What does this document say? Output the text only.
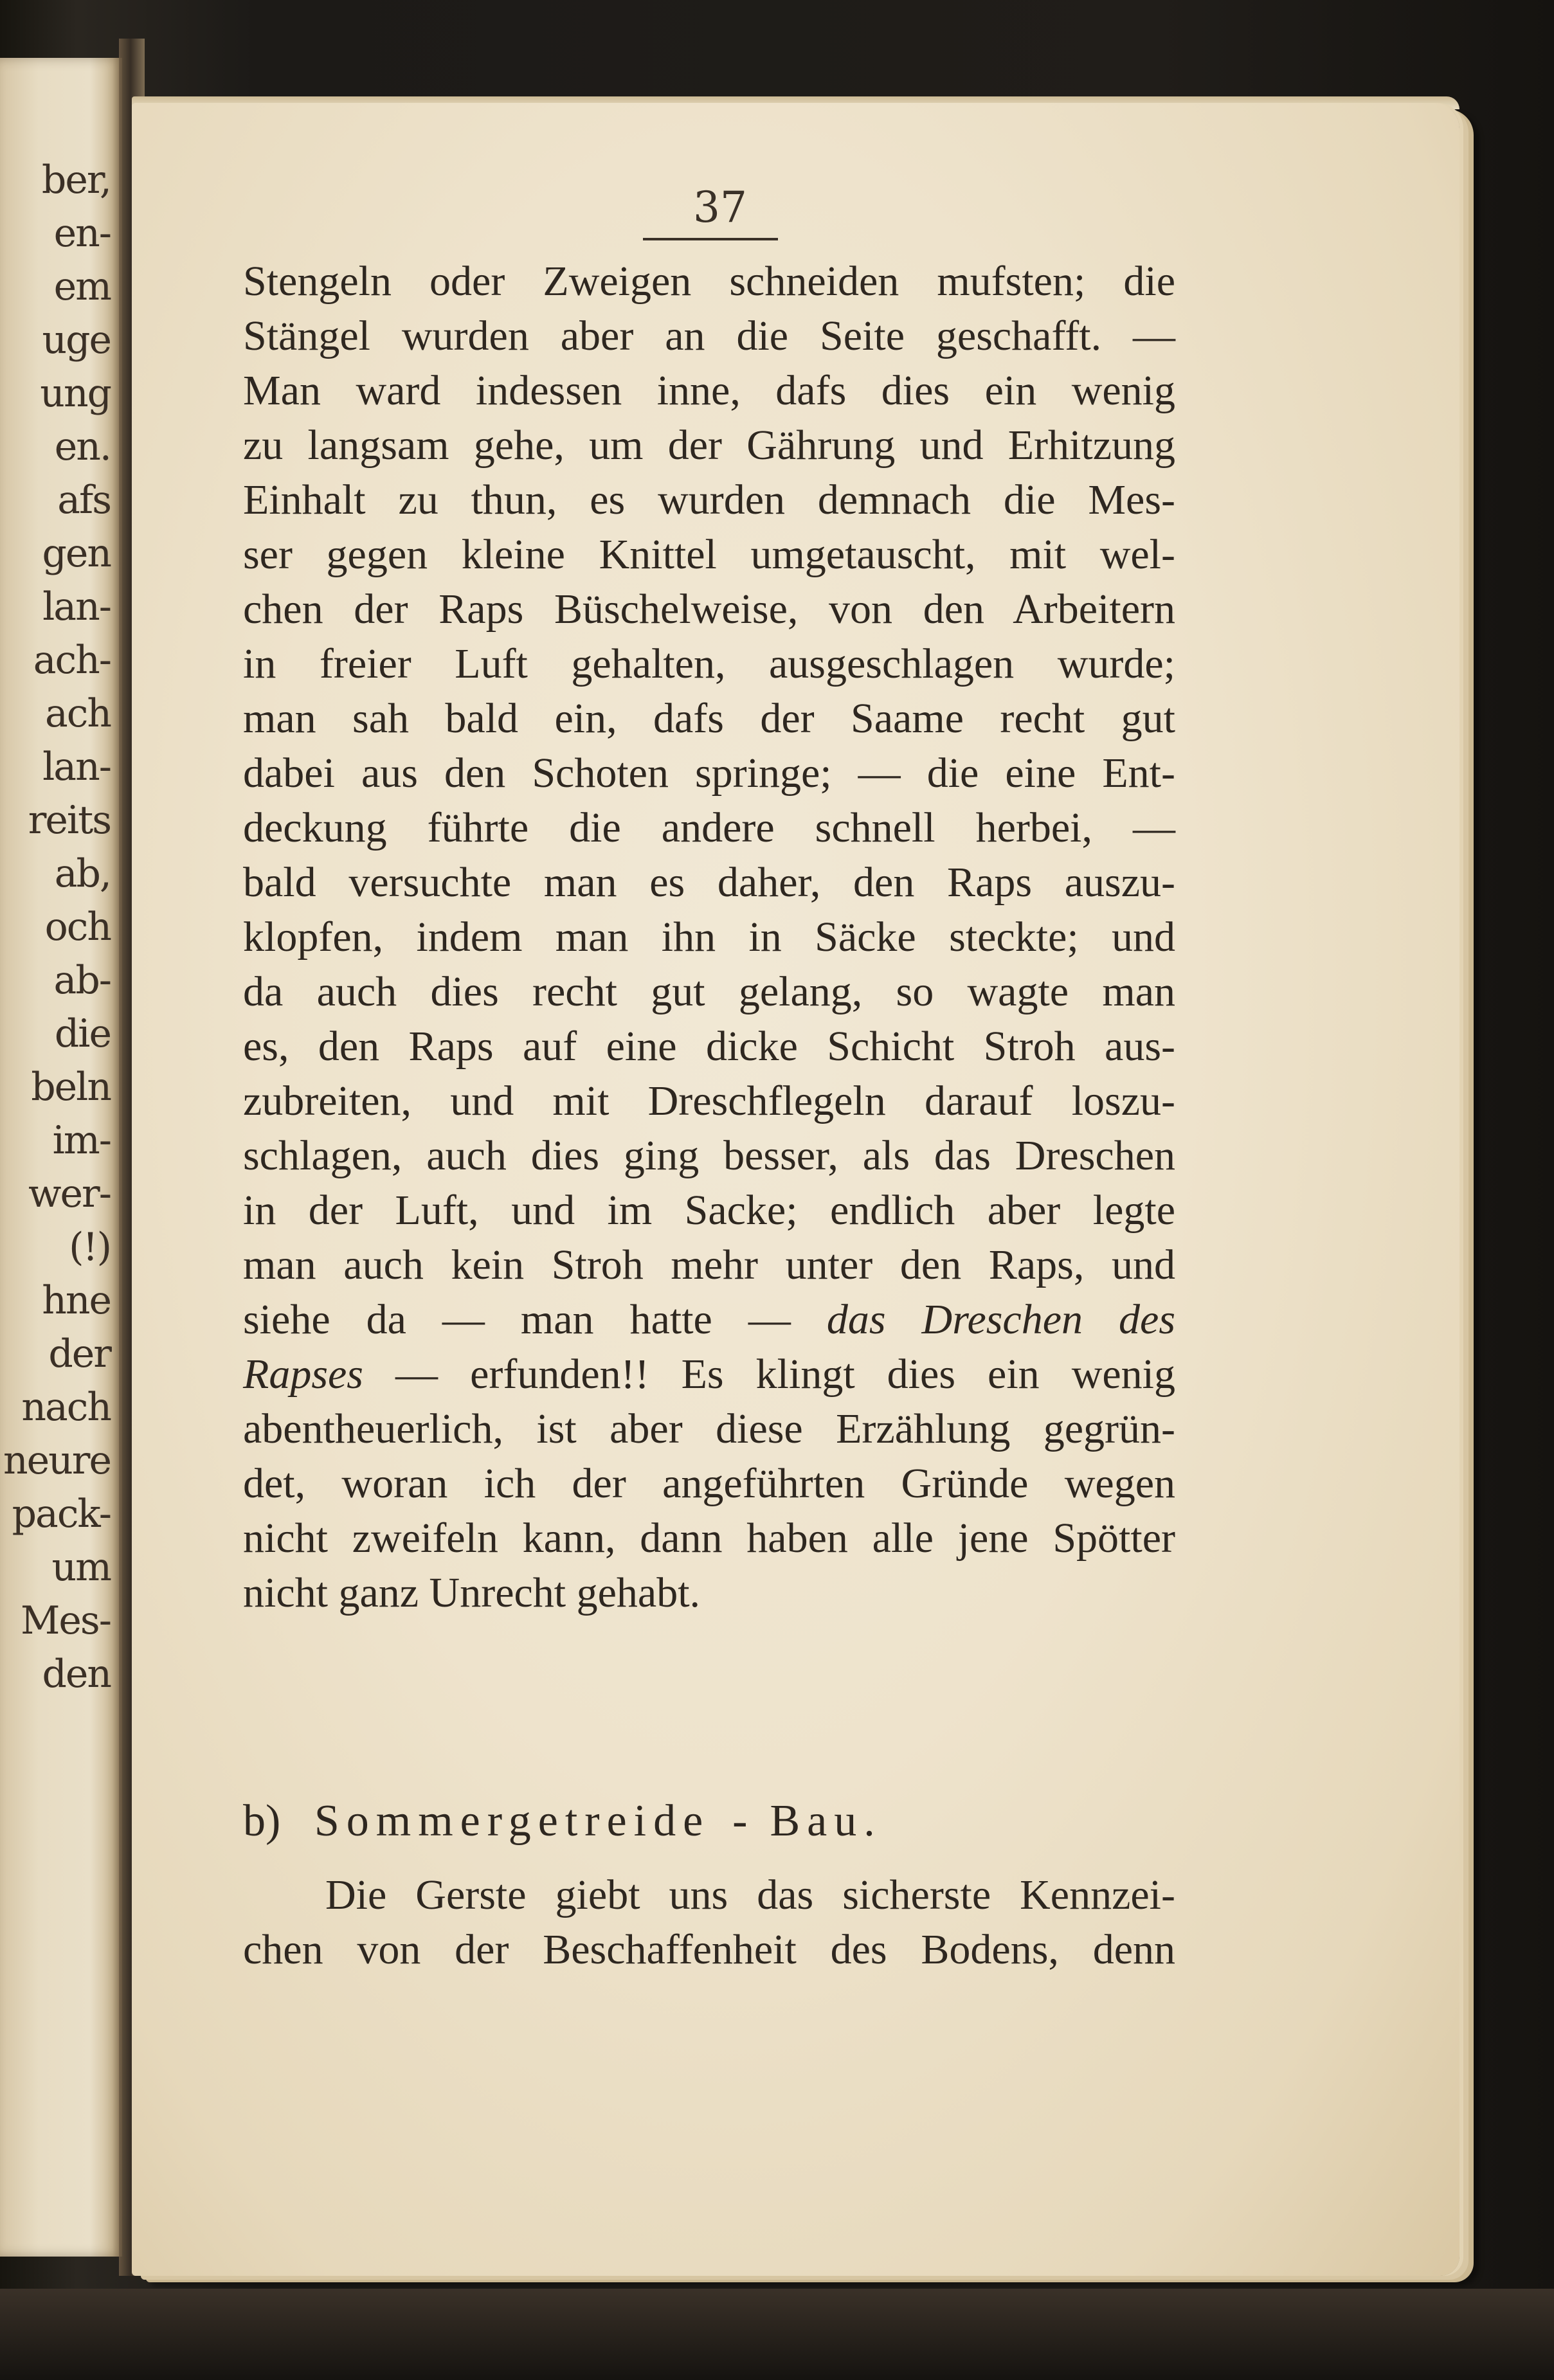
ber,
en-
em
uge
ung
en.
afs
gen
lan-
ach-
ach
lan-
reits
ab,
och
ab-
die
beln
im-
wer-
(!)
hne
der
nach
neure
pack-
um
Mes-
den
37
Stengeln oder Zweigen schneiden mufsten; die
Stängel wurden aber an die Seite geschafft. —
Man ward indessen inne, dafs dies ein wenig
zu langsam gehe, um der Gährung und Erhitzung
Einhalt zu thun, es wurden demnach die Mes-
ser gegen kleine Knittel umgetauscht, mit wel-
chen der Raps Büschelweise, von den Arbeitern
in freier Luft gehalten, ausgeschlagen wurde;
man sah bald ein, dafs der Saame recht gut
dabei aus den Schoten springe; — die eine Ent-
deckung führte die andere schnell herbei, —
bald versuchte man es daher, den Raps auszu-
klopfen, indem man ihn in Säcke steckte; und
da auch dies recht gut gelang, so wagte man
es, den Raps auf eine dicke Schicht Stroh aus-
zubreiten, und mit Dreschflegeln darauf loszu-
schlagen, auch dies ging besser, als das Dreschen
in der Luft, und im Sacke; endlich aber legte
man auch kein Stroh mehr unter den Raps, und
siehe da — man hatte — das Dreschen des
Rapses — erfunden!! Es klingt dies ein wenig
abentheuerlich, ist aber diese Erzählung gegrün-
det, woran ich der angeführten Gründe wegen
nicht zweifeln kann, dann haben alle jene Spötter
nicht ganz Unrecht gehabt.
b) Sommergetreide - Bau.
Die Gerste giebt uns das sicherste Kennzei-
chen von der Beschaffenheit des Bodens, denn
